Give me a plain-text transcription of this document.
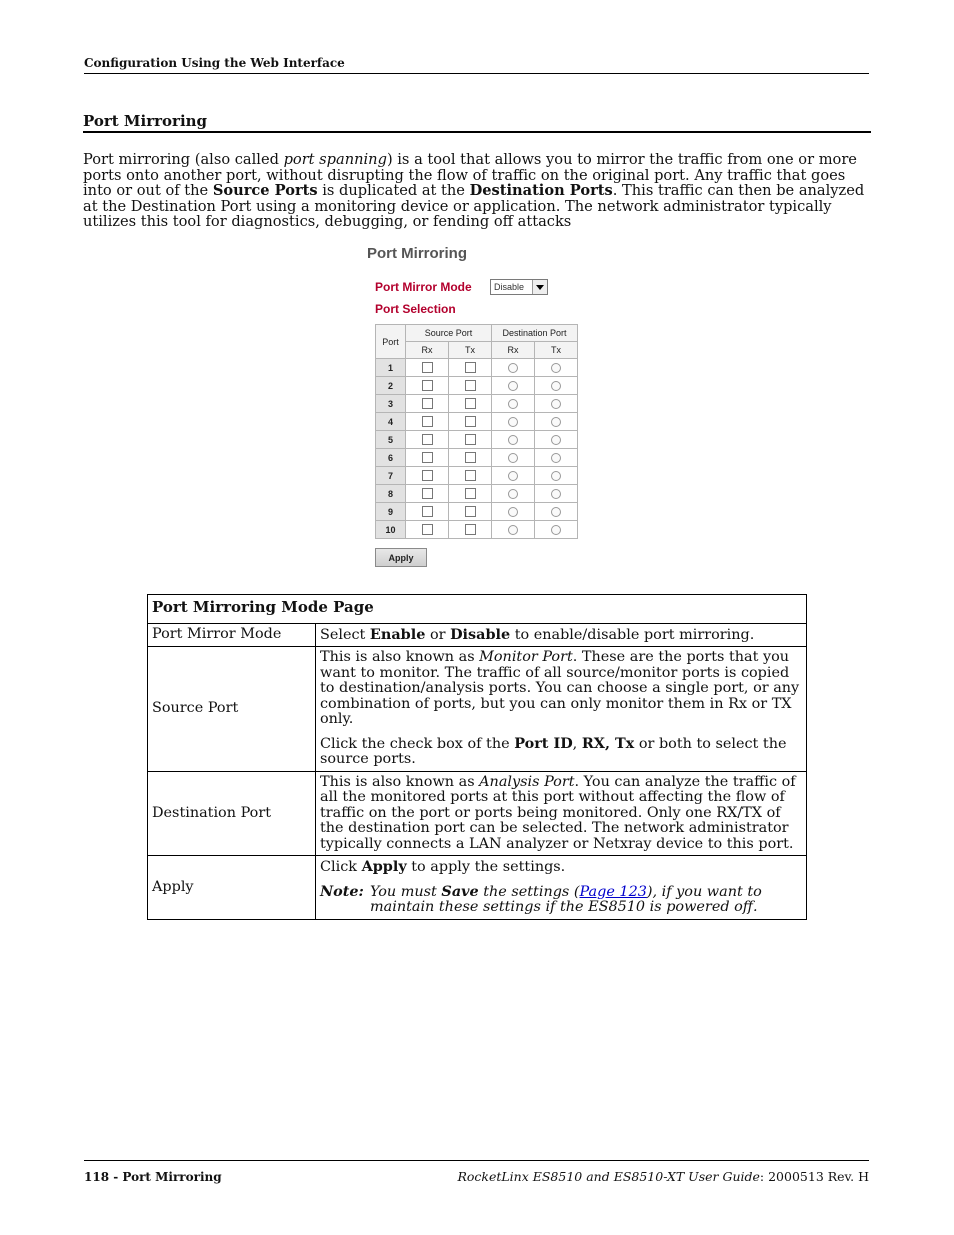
Configuration Using the Web Interface
Port Mirroring

Port mirroring (also called port spanning) is a tool that allows you to mirror the traffic from one or more ports onto another port, without disrupting the flow of traffic on the original port. Any traffic that goes into or out of the Source Ports is duplicated at the Destination Ports. This traffic can then be analyzed at the Destination Port using a monitoring device or application. The network administrator typically utilizes this tool for diagnostics, debugging, or fending off attacks

Port Mirroring
Port Mirror Mode Disable
Port Selection
Port	Source Port		Destination Port	
	Rx	Tx	Rx	Tx
1				
2				
3				
4				
5				
6				
7				
8				
9				
10				
Apply
Port Mirroring Mode Page	
Port Mirror Mode	Select Enable or Disable to enable/disable port mirroring.
Source Port	This is also known as Monitor Port. These are the ports that you want to monitor. The traffic of all source/monitor ports is copied to destination/analysis ports. You can choose a single port, or any combination of ports, but you can only monitor them in Rx or TX only.

Click the check box of the Port ID, RX, Tx or both to select the source ports.

Destination Port	This is also known as Analysis Port. You can analyze the traffic of all the monitored ports at this port without affecting the flow of traffic on the port or ports being monitored. Only one RX/TX of the destination port can be selected. The network administrator typically connects a LAN analyzer or Netxray device to this port.
Apply	Click Apply to apply the settings.

Note: You must Save the settings (Page 123), if you want to maintain these settings if the ES8510 is powered off.
118 - Port Mirroring	RocketLinx ES8510 and ES8510-XT User Guide: 2000513 Rev. H
